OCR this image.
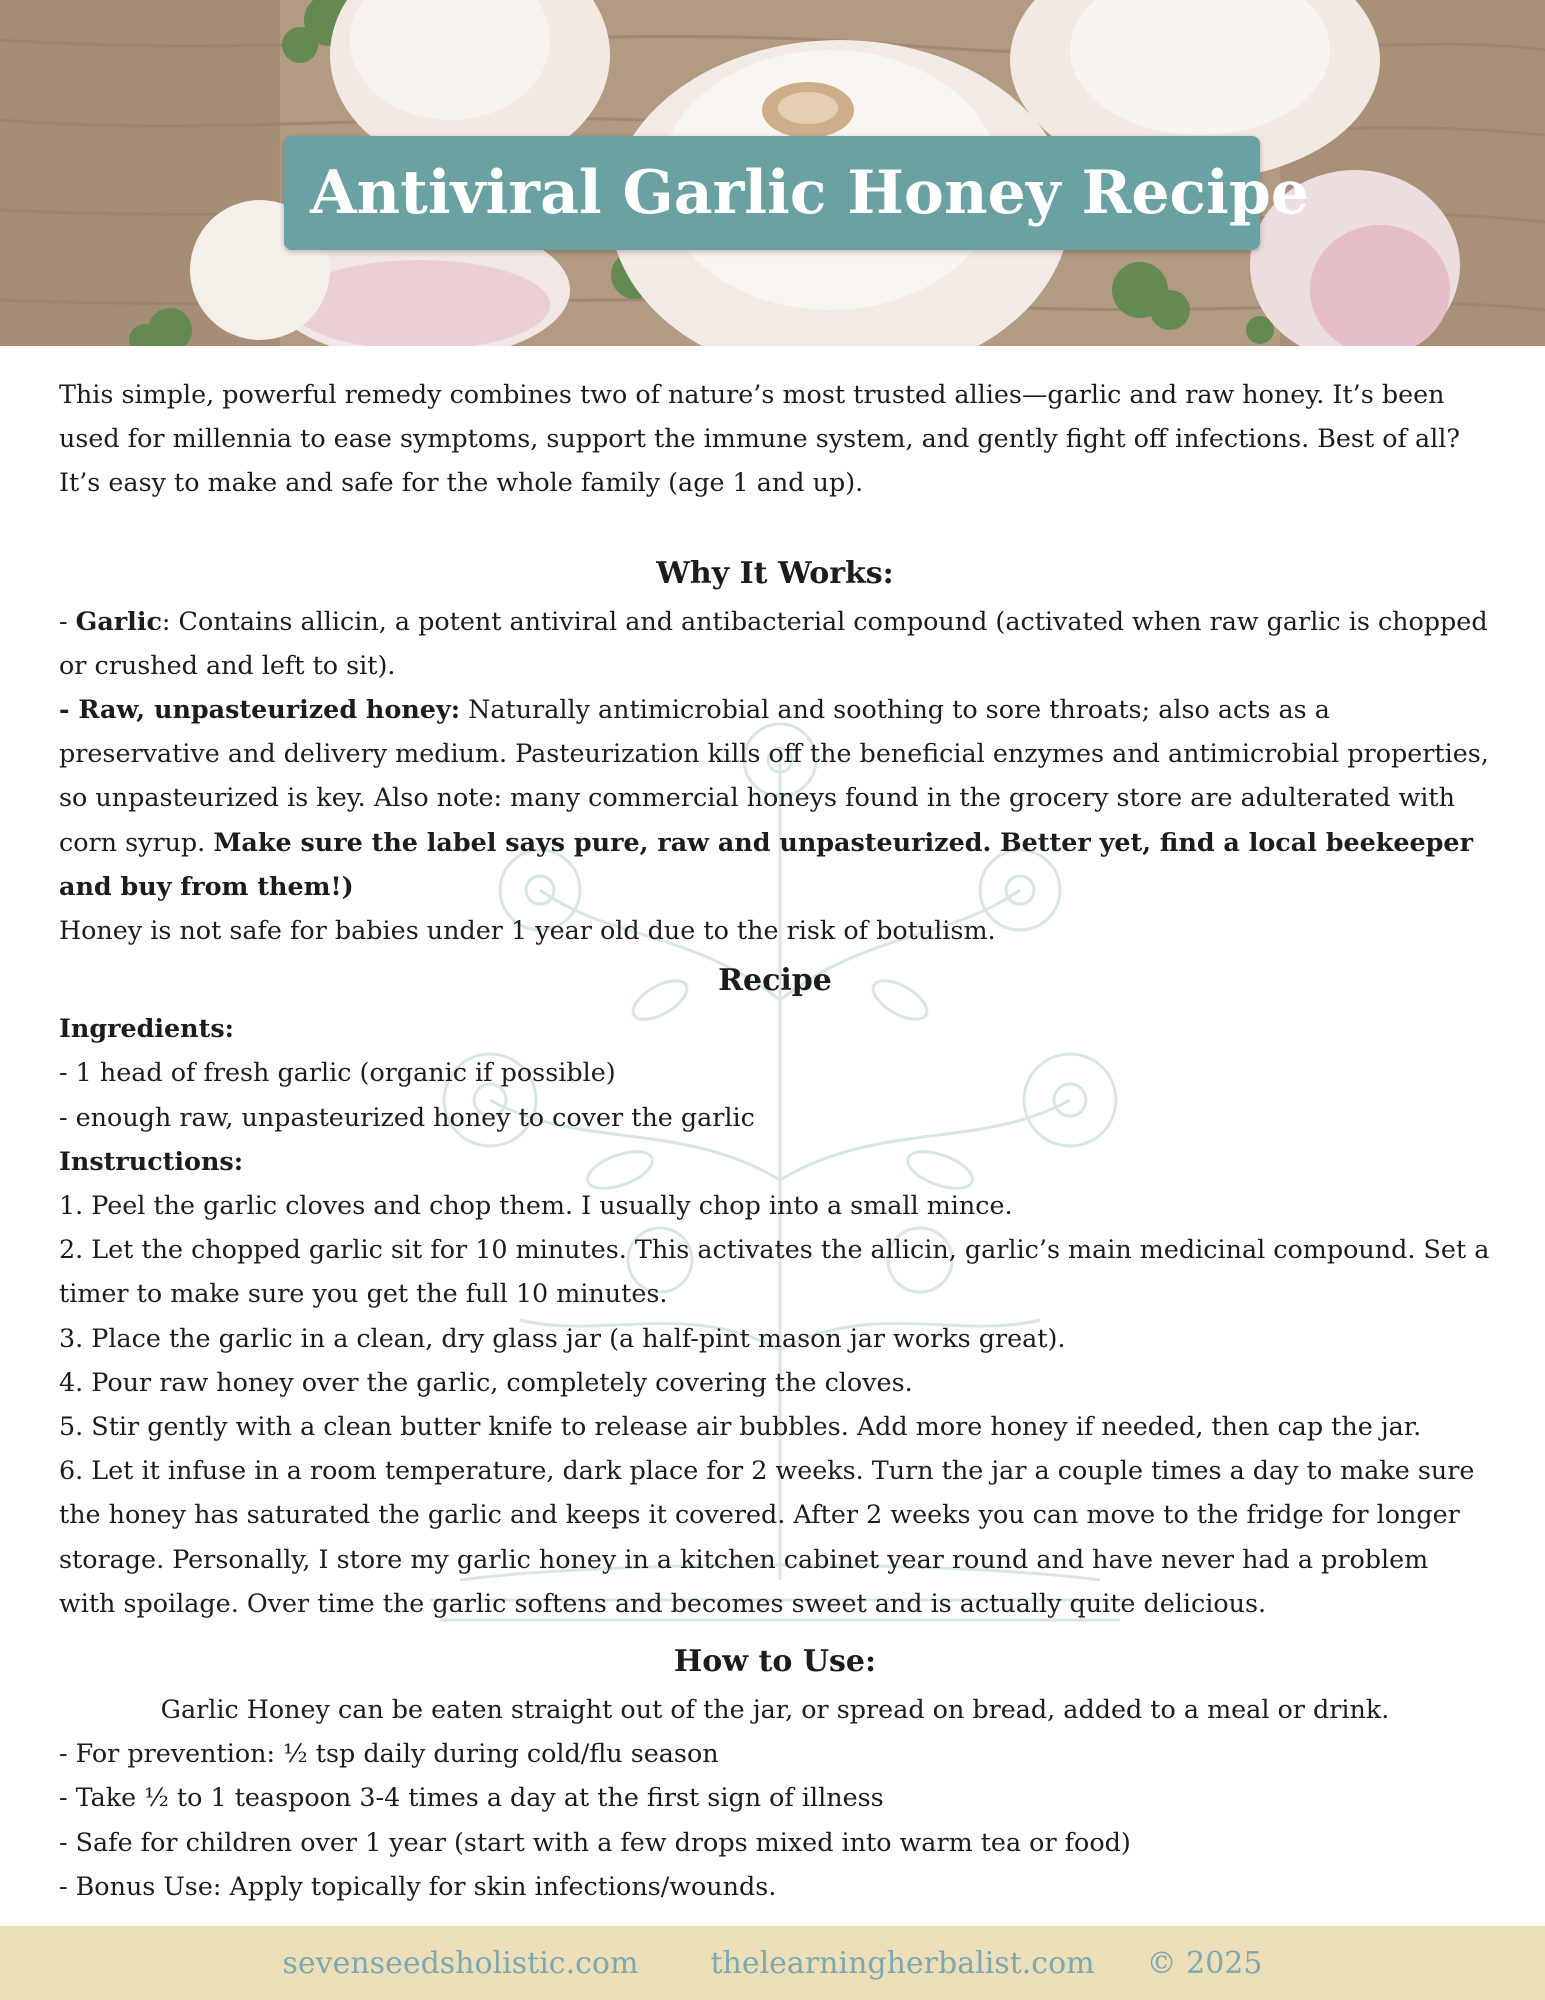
Antiviral Garlic Honey Recipe

This simple, powerful remedy combines two of nature’s most trusted allies—garlic and raw honey. It’s been used for millennia to ease symptoms, support the immune system, and gently fight off infections. Best of all? It’s easy to make and safe for the whole family (age 1 and up).

Why It Works:

- Garlic: Contains allicin, a potent antiviral and antibacterial compound (activated when raw garlic is chopped or crushed and left to sit).

- Raw, unpasteurized honey: Naturally antimicrobial and soothing to sore throats; also acts as a preservative and delivery medium. Pasteurization kills off the beneficial enzymes and antimicrobial properties, so unpasteurized is key. Also note: many commercial honeys found in the grocery store are adulterated with corn syrup. Make sure the label says pure, raw and unpasteurized. Better yet, find a local beekeeper and buy from them!)

Honey is not safe for babies under 1 year old due to the risk of botulism.

Recipe

Ingredients:

- 1 head of fresh garlic (organic if possible)

- enough raw, unpasteurized honey to cover the garlic

Instructions:

1. Peel the garlic cloves and chop them. I usually chop into a small mince.

2. Let the chopped garlic sit for 10 minutes. This activates the allicin, garlic’s main medicinal compound. Set a timer to make sure you get the full 10 minutes.

3. Place the garlic in a clean, dry glass jar (a half-pint mason jar works great).

4. Pour raw honey over the garlic, completely covering the cloves.

5. Stir gently with a clean butter knife to release air bubbles. Add more honey if needed, then cap the jar.

6. Let it infuse in a room temperature, dark place for 2 weeks. Turn the jar a couple times a day to make sure the honey has saturated the garlic and keeps it covered. After 2 weeks you can move to the fridge for longer storage. Personally, I store my garlic honey in a kitchen cabinet year round and have never had a problem with spoilage. Over time the garlic softens and becomes sweet and is actually quite delicious.

How to Use:

Garlic Honey can be eaten straight out of the jar, or spread on bread, added to a meal or drink.

- For prevention: ½ tsp daily during cold/flu season

- Take ½ to 1 teaspoon 3-4 times a day at the first sign of illness

- Safe for children over 1 year (start with a few drops mixed into warm tea or food)

- Bonus Use: Apply topically for skin infections/wounds.

sevenseedsholistic.com thelearningherbalist.com © 2025
